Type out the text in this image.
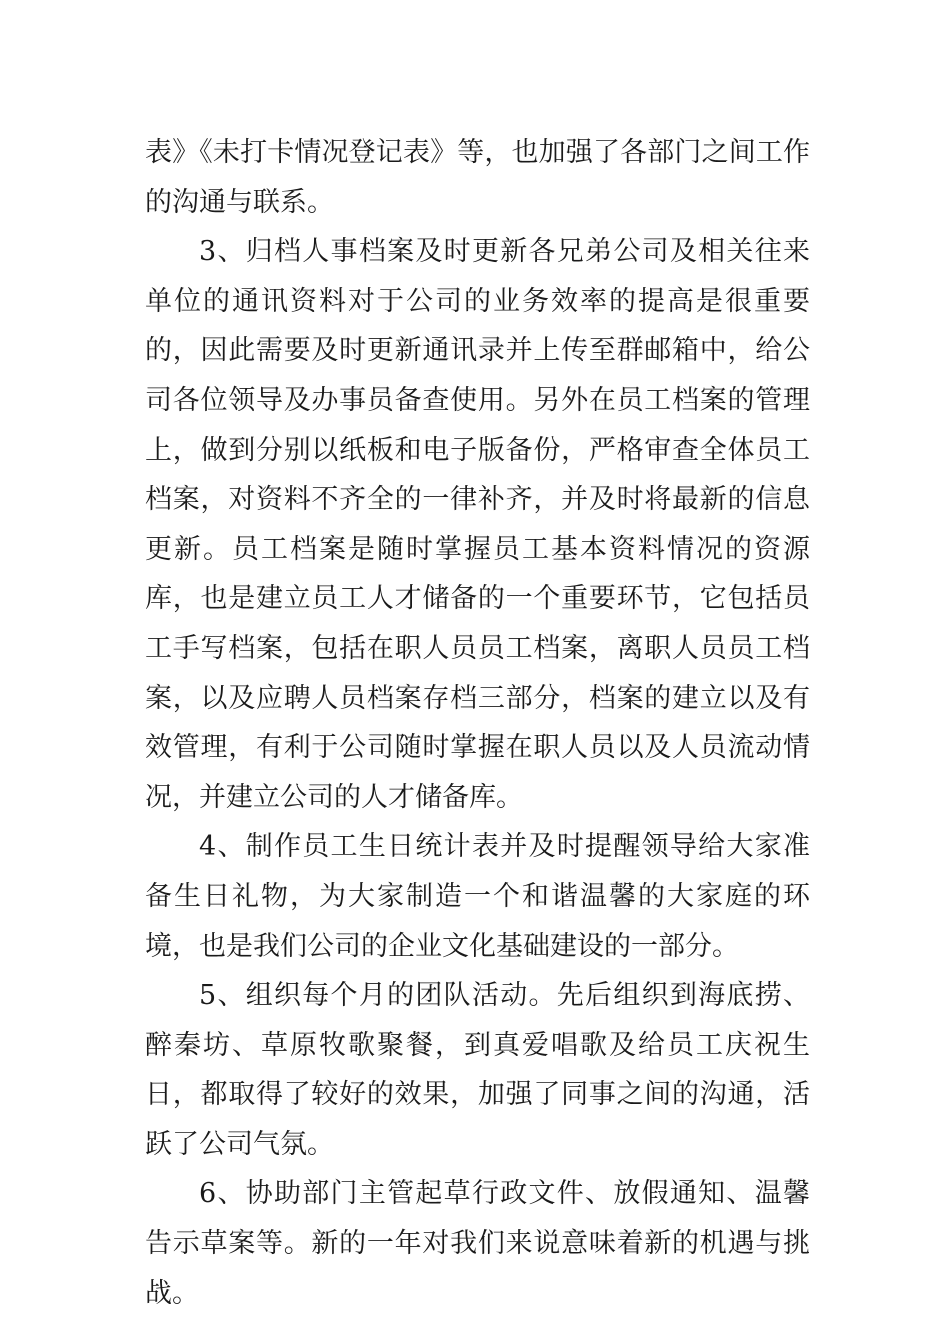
表》《未打卡情况登记表》等，也加强了各部门之间工作的沟通与联系。

3、归档人事档案及时更新各兄弟公司及相关往来单位的通讯资料对于公司的业务效率的提高是很重要的，因此需要及时更新通讯录并上传至群邮箱中，给公司各位领导及办事员备查使用。另外在员工档案的管理上，做到分别以纸板和电子版备份，严格审查全体员工档案，对资料不齐全的一律补齐，并及时将最新的信息更新。员工档案是随时掌握员工基本资料情况的资源库，也是建立员工人才储备的一个重要环节，它包括员工手写档案，包括在职人员员工档案，离职人员员工档案，以及应聘人员档案存档三部分，档案的建立以及有效管理，有利于公司随时掌握在职人员以及人员流动情况，并建立公司的人才储备库。

4、制作员工生日统计表并及时提醒领导给大家准备生日礼物，为大家制造一个和谐温馨的大家庭的环境，也是我们公司的企业文化基础建设的一部分。

5、组织每个月的团队活动。先后组织到海底捞、醉秦坊、草原牧歌聚餐，到真爱唱歌及给员工庆祝生日，都取得了较好的效果，加强了同事之间的沟通，活跃了公司气氛。

6、协助部门主管起草行政文件、放假通知、温馨告示草案等。新的一年对我们来说意味着新的机遇与挑战。
